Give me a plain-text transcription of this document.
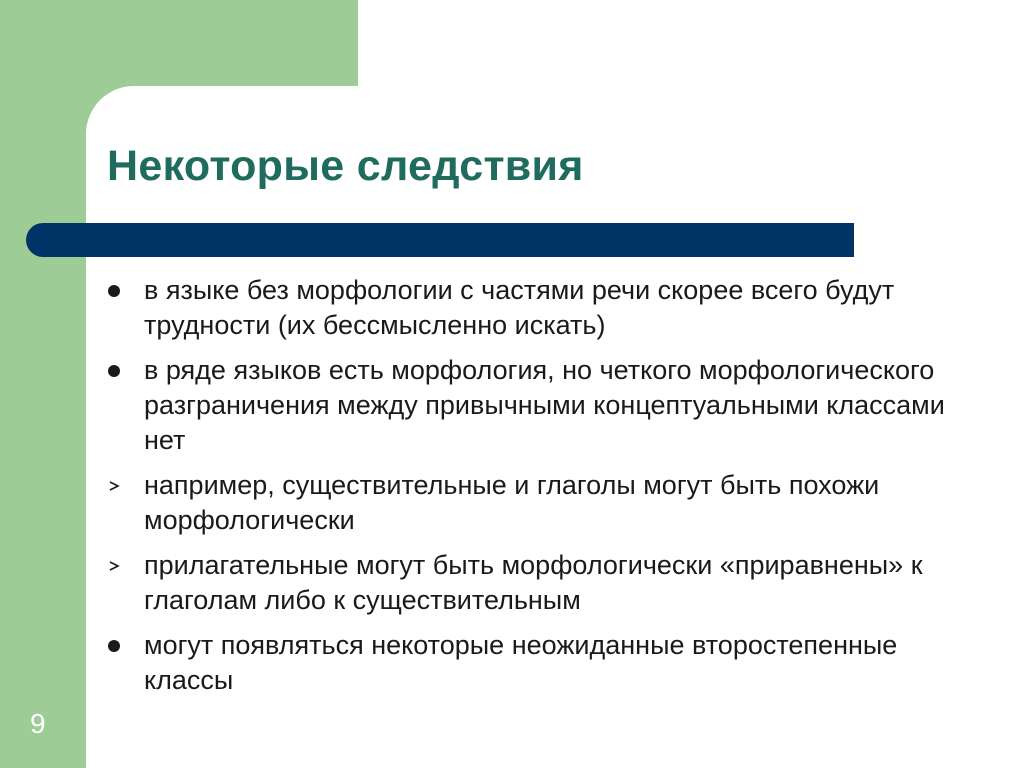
Некоторые следствия
в языке без морфологии с частями речи скорее всего будут трудности (их бессмысленно искать)
в ряде языков есть морфология, но четкого морфологического разграничения между привычными концептуальными классами нет
например, существительные и глаголы могут быть похожи морфологически
прилагательные могут быть морфологически «приравнены» к глаголам либо к существительным
могут появляться некоторые неожиданные второстепенные классы
9
